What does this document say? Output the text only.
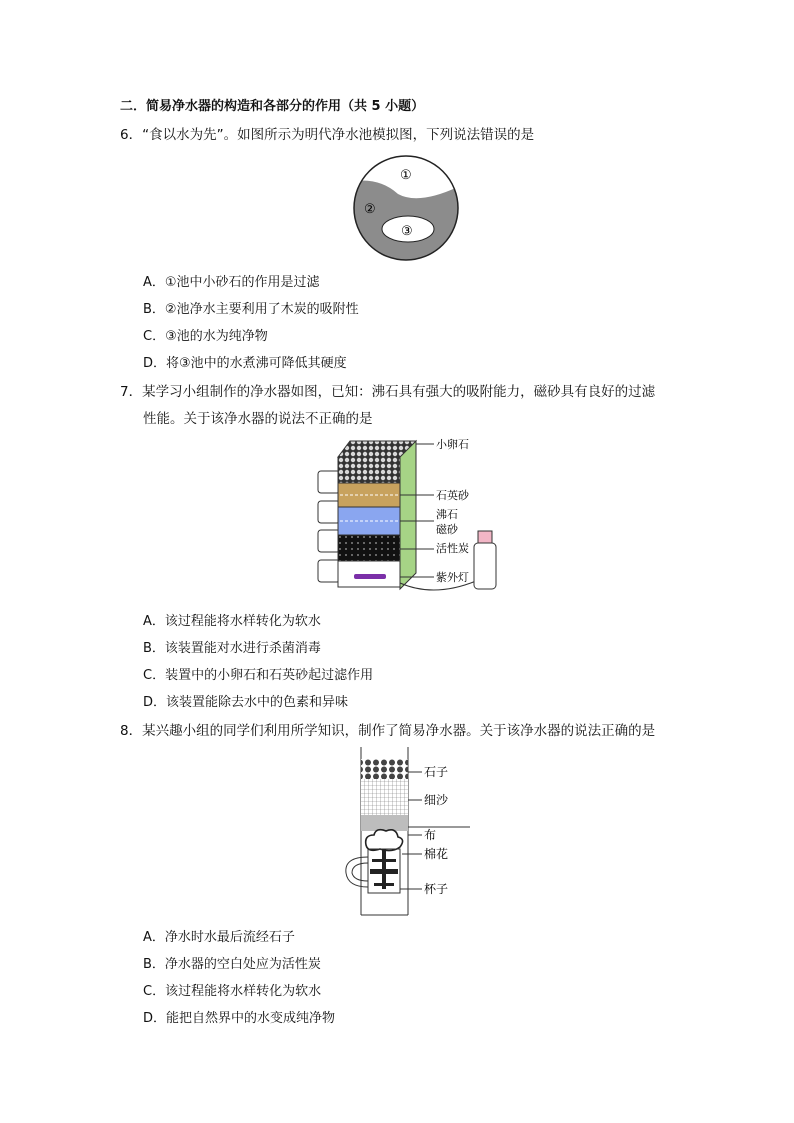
二．简易净水器的构造和各部分的作用（共 5 小题）
6．“食以水为先”。如图所示为明代净水池模拟图，下列说法错误的是
①
②
③
A．①池中小砂石的作用是过滤
B．②池净水主要利用了木炭的吸附性
C．③池的水为纯净物
D．将③池中的水煮沸可降低其硬度
7．某学习小组制作的净水器如图，已知：沸石具有强大的吸附能力，磁砂具有良好的过滤
性能。关于该净水器的说法不正确的是
小卵石
石英砂
沸石
磁砂
活性炭
紫外灯
A．该过程能将水样转化为软水
B．该装置能对水进行杀菌消毒
C．装置中的小卵石和石英砂起过滤作用
D．该装置能除去水中的色素和异味
8．某兴趣小组的同学们利用所学知识，制作了简易净水器。关于该净水器的说法正确的是
石子
细沙
布
棉花
杯子
A．净水时水最后流经石子
B．净水器的空白处应为活性炭
C．该过程能将水样转化为软水
D．能把自然界中的水变成纯净物
